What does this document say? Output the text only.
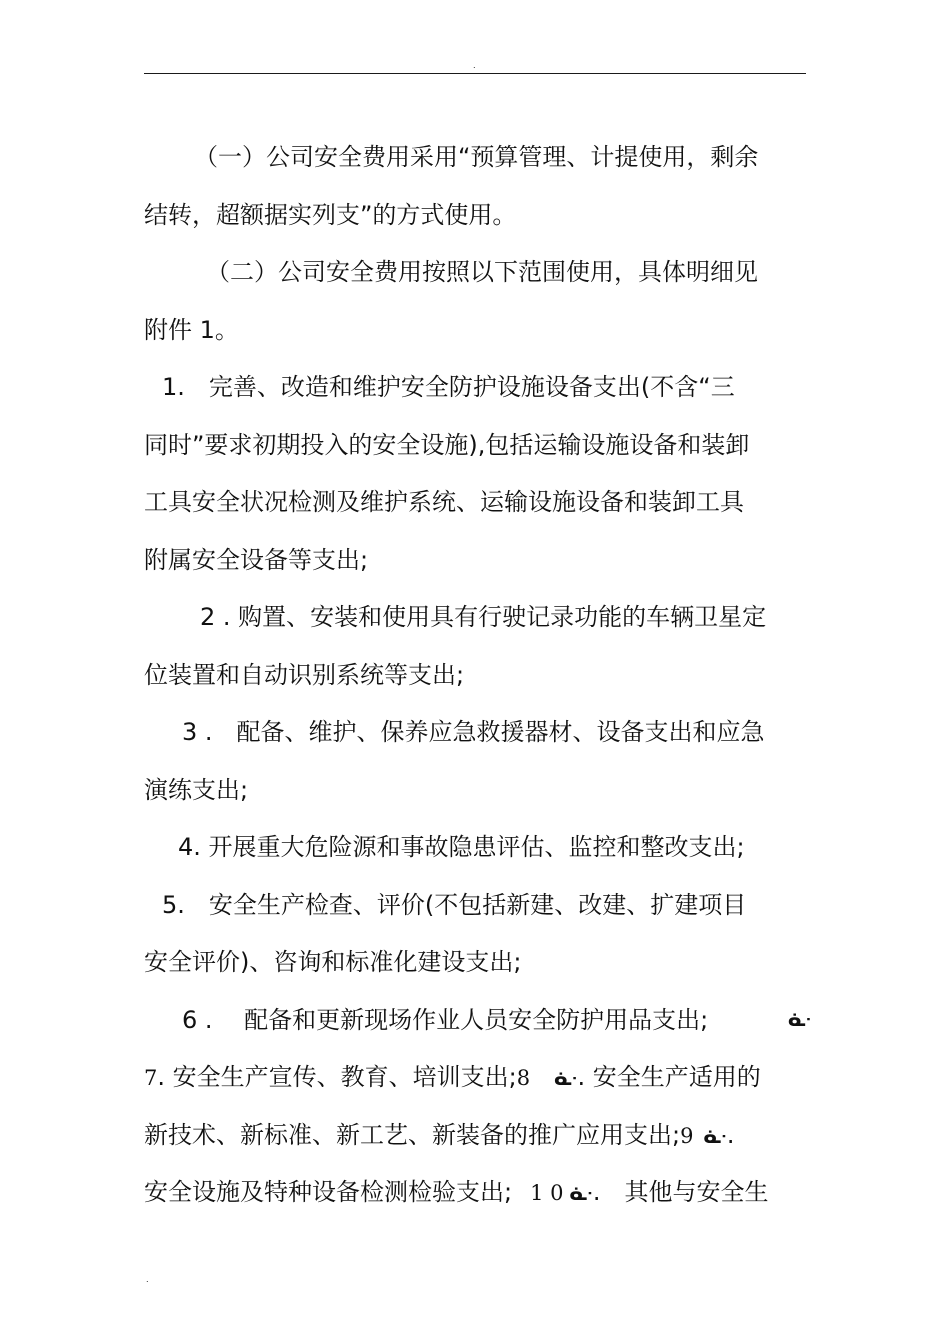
.
（一）公司安全费用采用“预算管理、计提使用，剩余
结转，超额据实列支”的方式使用。
（二）公司安全费用按照以下范围使用，具体明细见
附件 1。
1.　完善、改造和维护安全防护设施设备支出(不含“三
同时”要求初期投入的安全设施),包括运输设施设备和装卸
工具安全状况检测及维护系统、运输设施设备和装卸工具
附属安全设备等支出;
2 . 购置、安装和使用具有行驶记录功能的车辆卫星定
位装置和自动识别系统等支出;
3 .　配备、维护、保养应急救援器材、设备支出和应急
演练支出;
4. 开展重大危险源和事故隐患评估、监控和整改支出;
5.　安全生产检查、评价(不包括新建、改建、扩建项目
安全评价)、咨询和标准化建设支出;
6 .　 配备和更新现场作业人员安全防护用品支出;	ᓎ
7. 安全生产宣传、教育、培训支出;8 ᓎ. 安全生产适用的
新技术、新标准、新工艺、新装备的推广应用支出;9 ᓎ.
安全设施及特种设备检测检验支出; 1 0 ᓎ.　其他与安全生
.
